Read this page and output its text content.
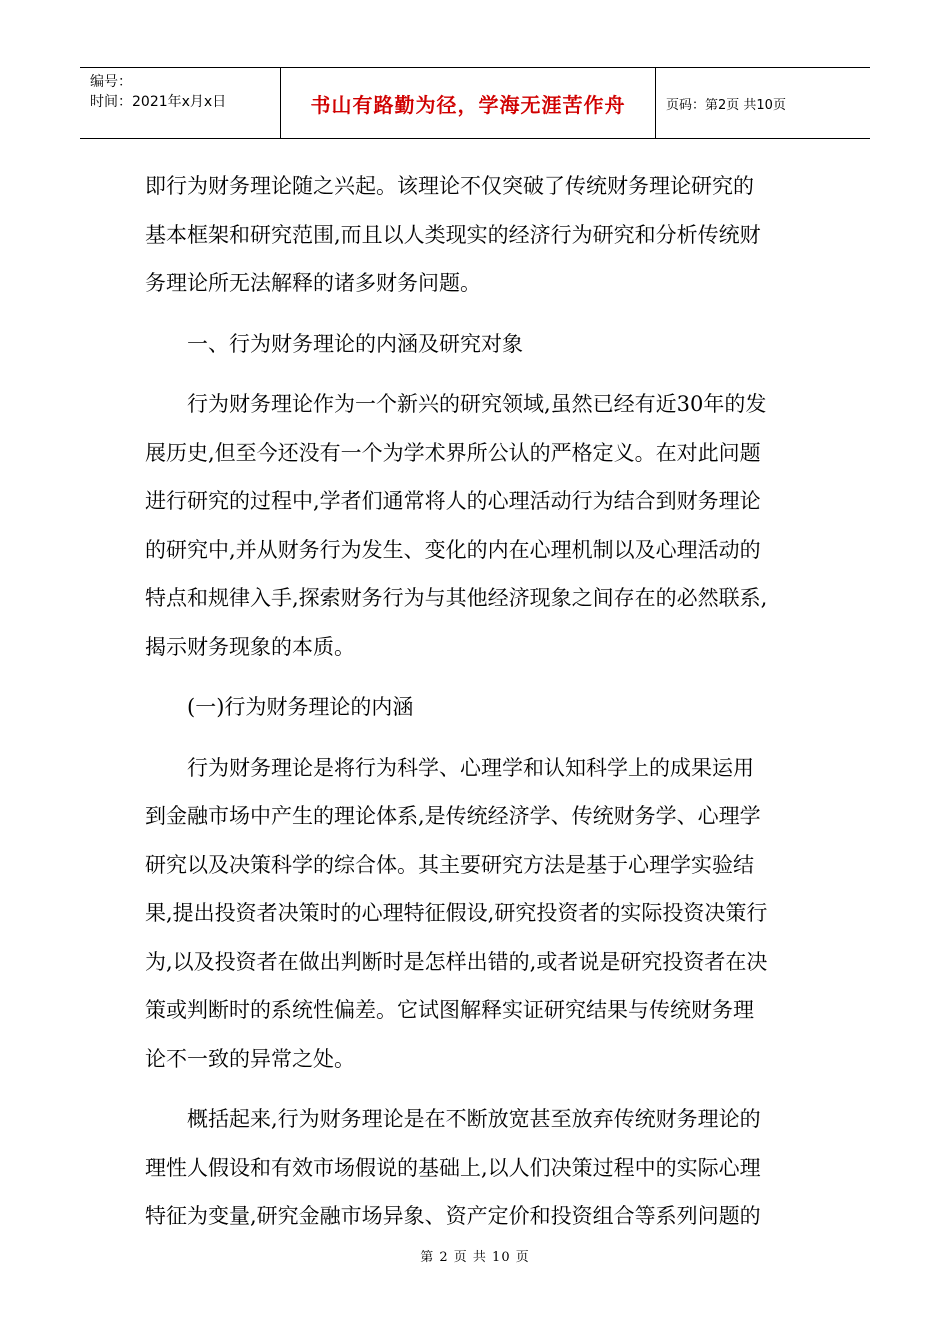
编号：
时间：2021年x月x日	书山有路勤为径，学海无涯苦作舟	页码：第2页 共10页
即行为财务理论随之兴起。该理论不仅突破了传统财务理论研究的
基本框架和研究范围,而且以人类现实的经济行为研究和分析传统财
务理论所无法解释的诸多财务问题。
一、行为财务理论的内涵及研究对象
行为财务理论作为一个新兴的研究领域,虽然已经有近30年的发
展历史,但至今还没有一个为学术界所公认的严格定义。在对此问题
进行研究的过程中,学者们通常将人的心理活动行为结合到财务理论
的研究中,并从财务行为发生、变化的内在心理机制以及心理活动的
特点和规律入手,探索财务行为与其他经济现象之间存在的必然联系,
揭示财务现象的本质。
(一)行为财务理论的内涵
行为财务理论是将行为科学、心理学和认知科学上的成果运用
到金融市场中产生的理论体系,是传统经济学、传统财务学、心理学
研究以及决策科学的综合体。其主要研究方法是基于心理学实验结
果,提出投资者决策时的心理特征假设,研究投资者的实际投资决策行
为,以及投资者在做出判断时是怎样出错的,或者说是研究投资者在决
策或判断时的系统性偏差。它试图解释实证研究结果与传统财务理
论不一致的异常之处。
概括起来,行为财务理论是在不断放宽甚至放弃传统财务理论的
理性人假设和有效市场假说的基础上,以人们决策过程中的实际心理
特征为变量,研究金融市场异象、资产定价和投资组合等系列问题的
第 2 页 共 10 页
